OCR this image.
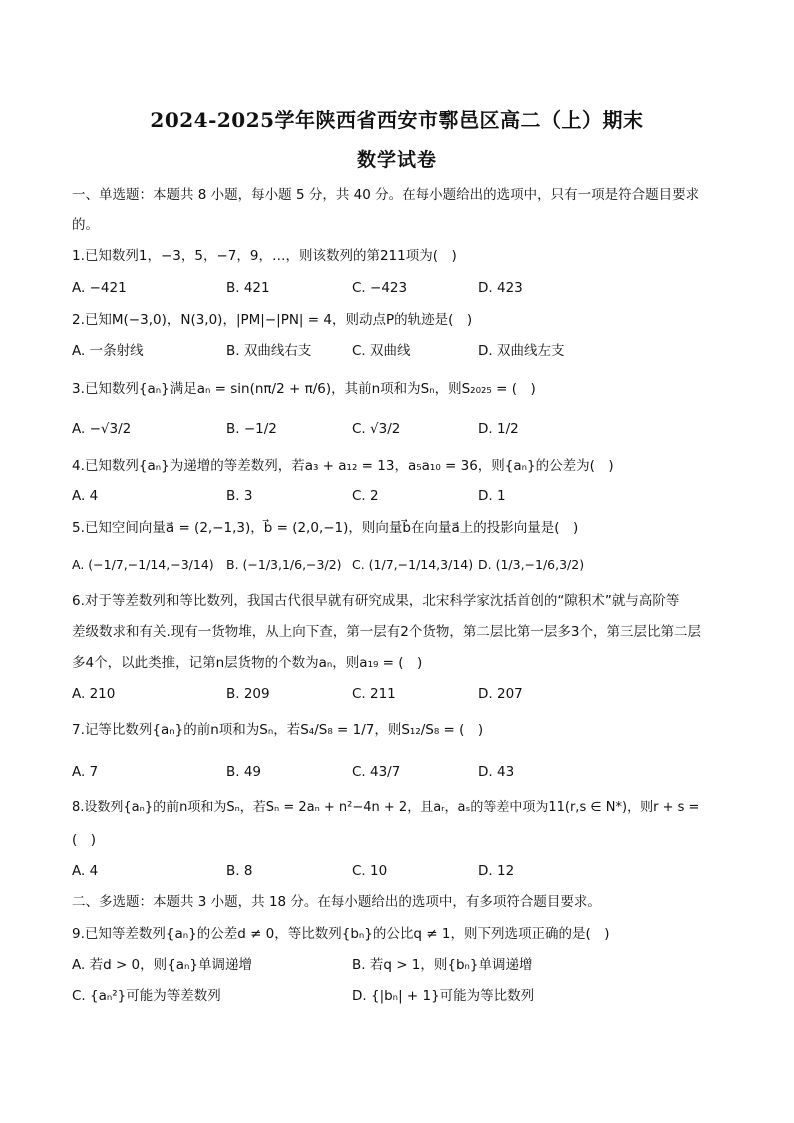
2024-2025学年陕西省西安市鄠邑区高二（上）期末
数学试卷
一、单选题：本题共 8 小题，每小题 5 分，共 40 分。在每小题给出的选项中，只有一项是符合题目要求
的。
1.已知数列1，−3，5，−7，9，…，则该数列的第211项为(　)
A. −421	B. 421	C. −423	D. 423
2.已知M(−3,0)，N(3,0)，|PM|−|PN| = 4，则动点P的轨迹是(　)
A. 一条射线	B. 双曲线右支	C. 双曲线	D. 双曲线左支
3.已知数列{aₙ}满足aₙ = sin(nπ/2 + π/6)，其前n项和为Sₙ，则S₂₀₂₅ = (　)
A. −√3/2	B. −1/2	C. √3/2	D. 1/2
4.已知数列{aₙ}为递增的等差数列，若a₃ + a₁₂ = 13，a₅a₁₀ = 36，则{aₙ}的公差为(　)
A. 4	B. 3	C. 2	D. 1
5.已知空间向量a⃗ = (2,−1,3)，b⃗ = (2,0,−1)，则向量b⃗在向量a⃗上的投影向量是(　)
A. (−1/7,−1/14,−3/14) B. (−1/3,1/6,−3/2) C. (1/7,−1/14,3/14) D. (1/3,−1/6,3/2)
6.对于等差数列和等比数列，我国古代很早就有研究成果，北宋科学家沈括首创的“隙积术”就与高阶等
差级数求和有关.现有一货物堆，从上向下查，第一层有2个货物，第二层比第一层多3个，第三层比第二层
多4个，以此类推，记第n层货物的个数为aₙ，则a₁₉ = (　)
A. 210	B. 209	C. 211	D. 207
7.记等比数列{aₙ}的前n项和为Sₙ，若S₄/S₈ = 1/7，则S₁₂/S₈ = (　)
A. 7	B. 49	C. 43/7	D. 43
8.设数列{aₙ}的前n项和为Sₙ，若Sₙ = 2aₙ + n²−4n + 2，且aᵣ，aₛ的等差中项为11(r,s ∈ N*)，则r + s =
(　)
A. 4	B. 8	C. 10	D. 12
二、多选题：本题共 3 小题，共 18 分。在每小题给出的选项中，有多项符合题目要求。
9.已知等差数列{aₙ}的公差d ≠ 0，等比数列{bₙ}的公比q ≠ 1，则下列选项正确的是(　)
A. 若d > 0，则{aₙ}单调递增	B. 若q > 1，则{bₙ}单调递增
C. {aₙ²}可能为等差数列	D. {|bₙ| + 1}可能为等比数列
